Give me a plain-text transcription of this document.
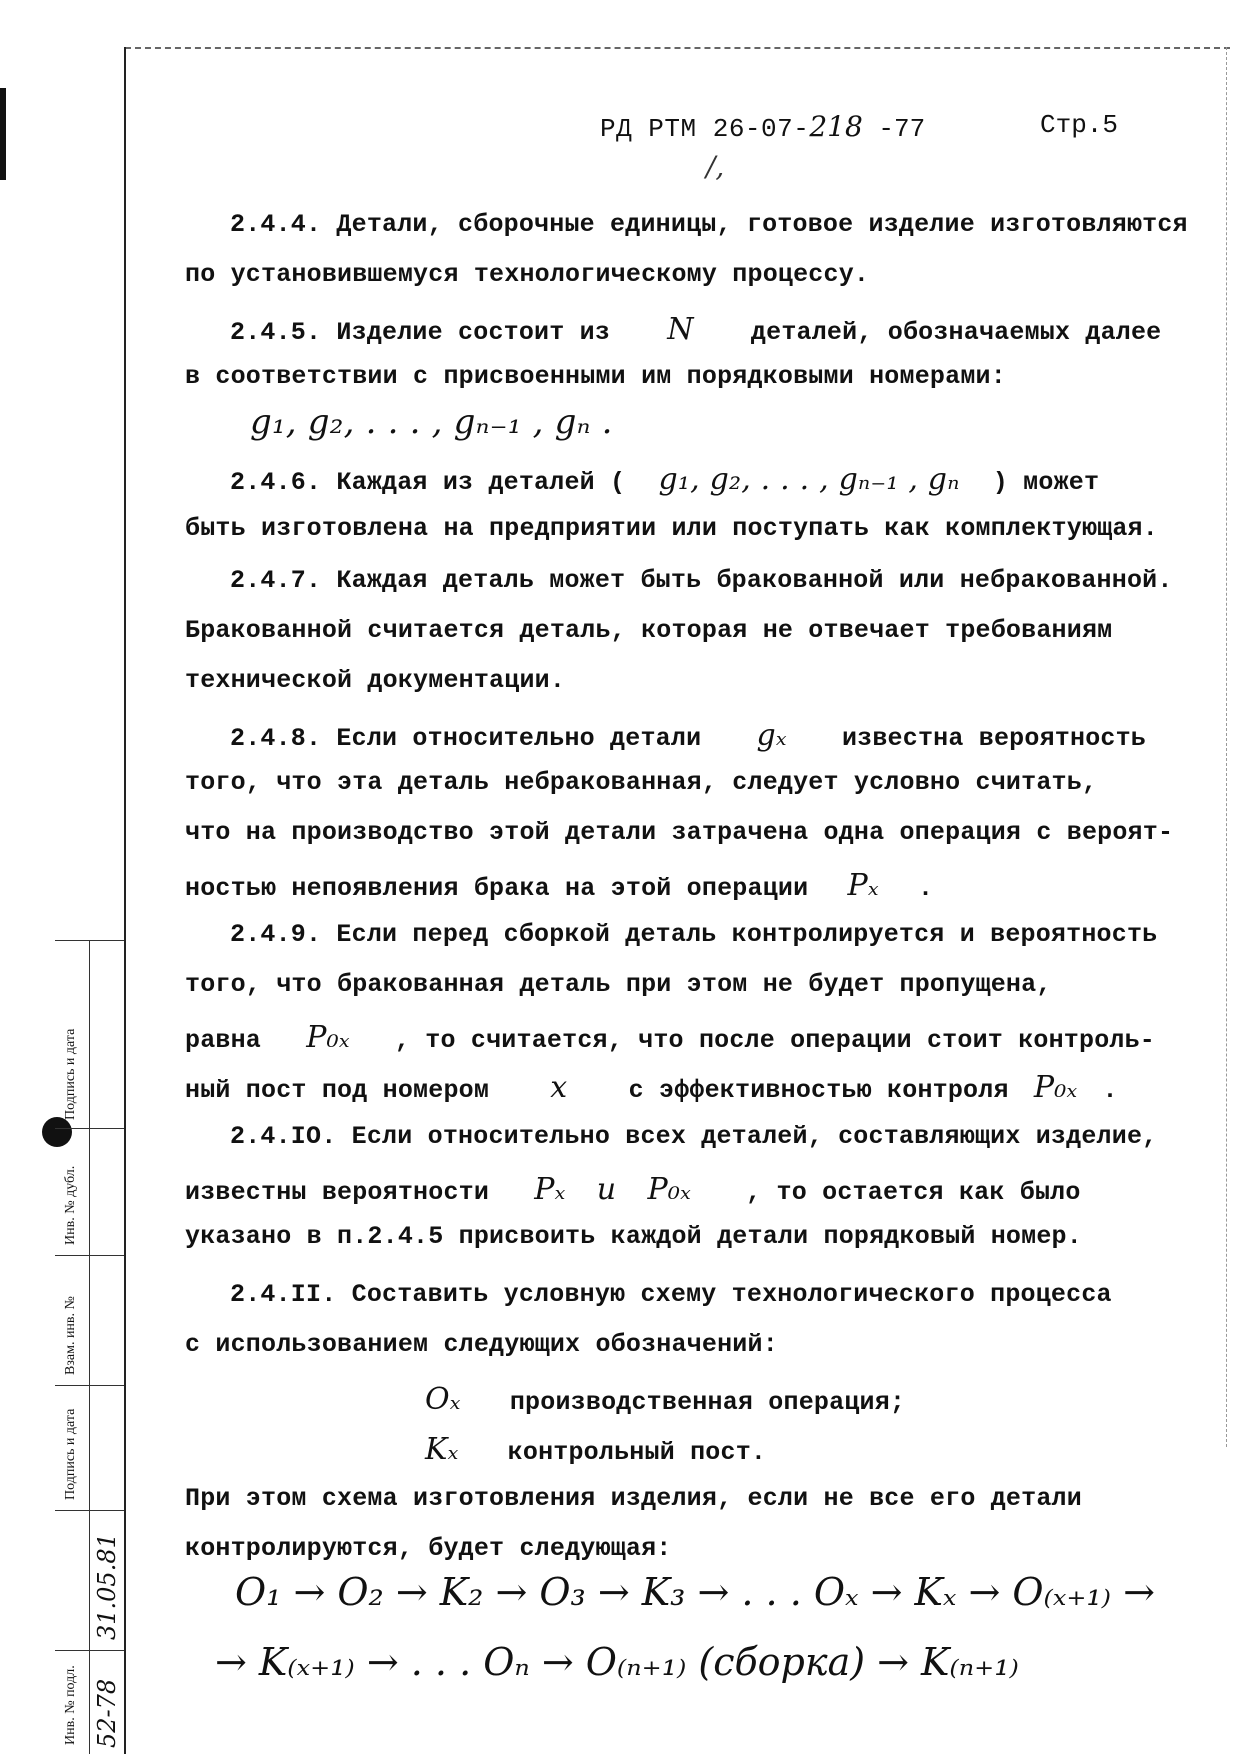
РД РТМ 26-07-218 -77	Стр.5
/,
2.4.4. Детали, сборочные единицы, готовое изделие изготовляются
по установившемуся технологическому процессу.
2.4.5. Изделие состоит из N деталей, обозначаемых далее
в соответствии с присвоенными им порядковыми номерами:
g₁, g₂, . . . , gₙ₋₁ , gₙ .
2.4.6. Каждая из деталей ( g₁, g₂, . . . , gₙ₋₁ , gₙ ) может
быть изготовлена на предприятии или поступать как комплектующая.
2.4.7. Каждая деталь может быть бракованной или небракованной.
Бракованной считается деталь, которая не отвечает требованиям
технической документации.
2.4.8. Если относительно детали gₓ известна вероятность
того, что эта деталь небракованная, следует условно считать,
что на производство этой детали затрачена одна операция с вероят-
ностью непоявления брака на этой операции Pₓ .
2.4.9. Если перед сборкой деталь контролируется и вероятность
того, что бракованная деталь при этом не будет пропущена,
равна P₀ₓ , то считается, что после операции стоит контроль-
ный пост под номером x с эффективностью контроля P₀ₓ .
2.4.IO. Если относительно всех деталей, составляющих изделие,
известны вероятности Pₓ и P₀ₓ , то остается как было
указано в п.2.4.5 присвоить каждой детали порядковый номер.
2.4.II. Составить условную схему технологического процесса
с использованием следующих обозначений:
Oₓ производственная операция;
Kₓ контрольный пост.
При этом схема изготовления изделия, если не все его детали
контролируются, будет следующая:
O₁ → O₂ → K₂ → O₃ → K₃ → . . . Oₓ → Kₓ → O₍ₓ₊₁₎ →
→ K₍ₓ₊₁₎ → . . . Oₙ → O₍ₙ₊₁₎ (сборка) → K₍ₙ₊₁₎
Подпись и дата
Инв. № дубл.
Взам. инв. №
Подпись и дата
Инв. № подл.
31.05.81
52-78
